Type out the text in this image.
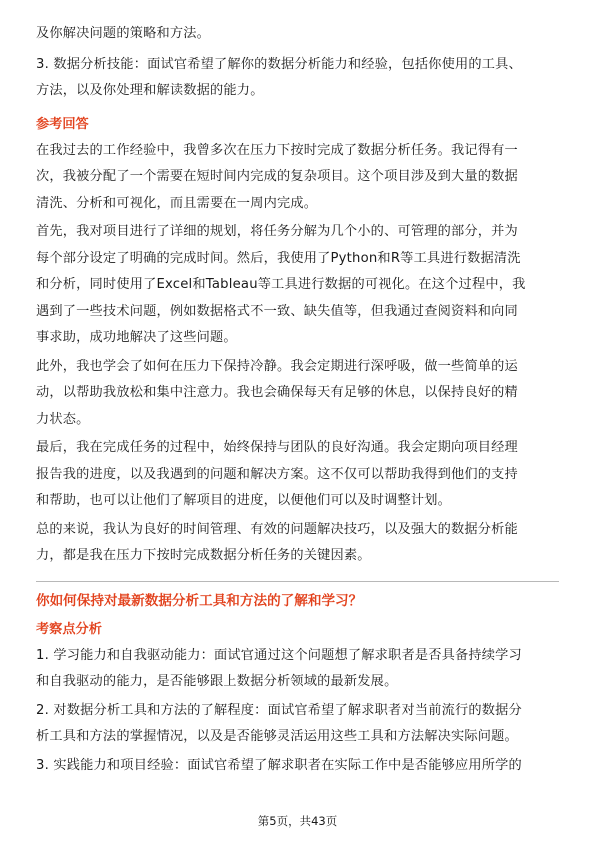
及你解决问题的策略和方法。

3. 数据分析技能：面试官希望了解你的数据分析能力和经验，包括你使用的工具、

方法，以及你处理和解读数据的能力。

参考回答

在我过去的工作经验中，我曾多次在压力下按时完成了数据分析任务。我记得有一

次，我被分配了一个需要在短时间内完成的复杂项目。这个项目涉及到大量的数据

清洗、分析和可视化，而且需要在一周内完成。

首先，我对项目进行了详细的规划，将任务分解为几个小的、可管理的部分，并为

每个部分设定了明确的完成时间。然后，我使用了Python和R等工具进行数据清洗

和分析，同时使用了Excel和Tableau等工具进行数据的可视化。在这个过程中，我

遇到了一些技术问题，例如数据格式不一致、缺失值等，但我通过查阅资料和向同

事求助，成功地解决了这些问题。

此外，我也学会了如何在压力下保持冷静。我会定期进行深呼吸，做一些简单的运

动，以帮助我放松和集中注意力。我也会确保每天有足够的休息，以保持良好的精

力状态。

最后，我在完成任务的过程中，始终保持与团队的良好沟通。我会定期向项目经理

报告我的进度，以及我遇到的问题和解决方案。这不仅可以帮助我得到他们的支持

和帮助，也可以让他们了解项目的进度，以便他们可以及时调整计划。

总的来说，我认为良好的时间管理、有效的问题解决技巧，以及强大的数据分析能

力，都是我在压力下按时完成数据分析任务的关键因素。

你如何保持对最新数据分析工具和方法的了解和学习？

考察点分析

1. 学习能力和自我驱动能力：面试官通过这个问题想了解求职者是否具备持续学习

和自我驱动的能力，是否能够跟上数据分析领域的最新发展。

2. 对数据分析工具和方法的了解程度：面试官希望了解求职者对当前流行的数据分

析工具和方法的掌握情况，以及是否能够灵活运用这些工具和方法解决实际问题。

3. 实践能力和项目经验：面试官希望了解求职者在实际工作中是否能够应用所学的

第5页，共43页
